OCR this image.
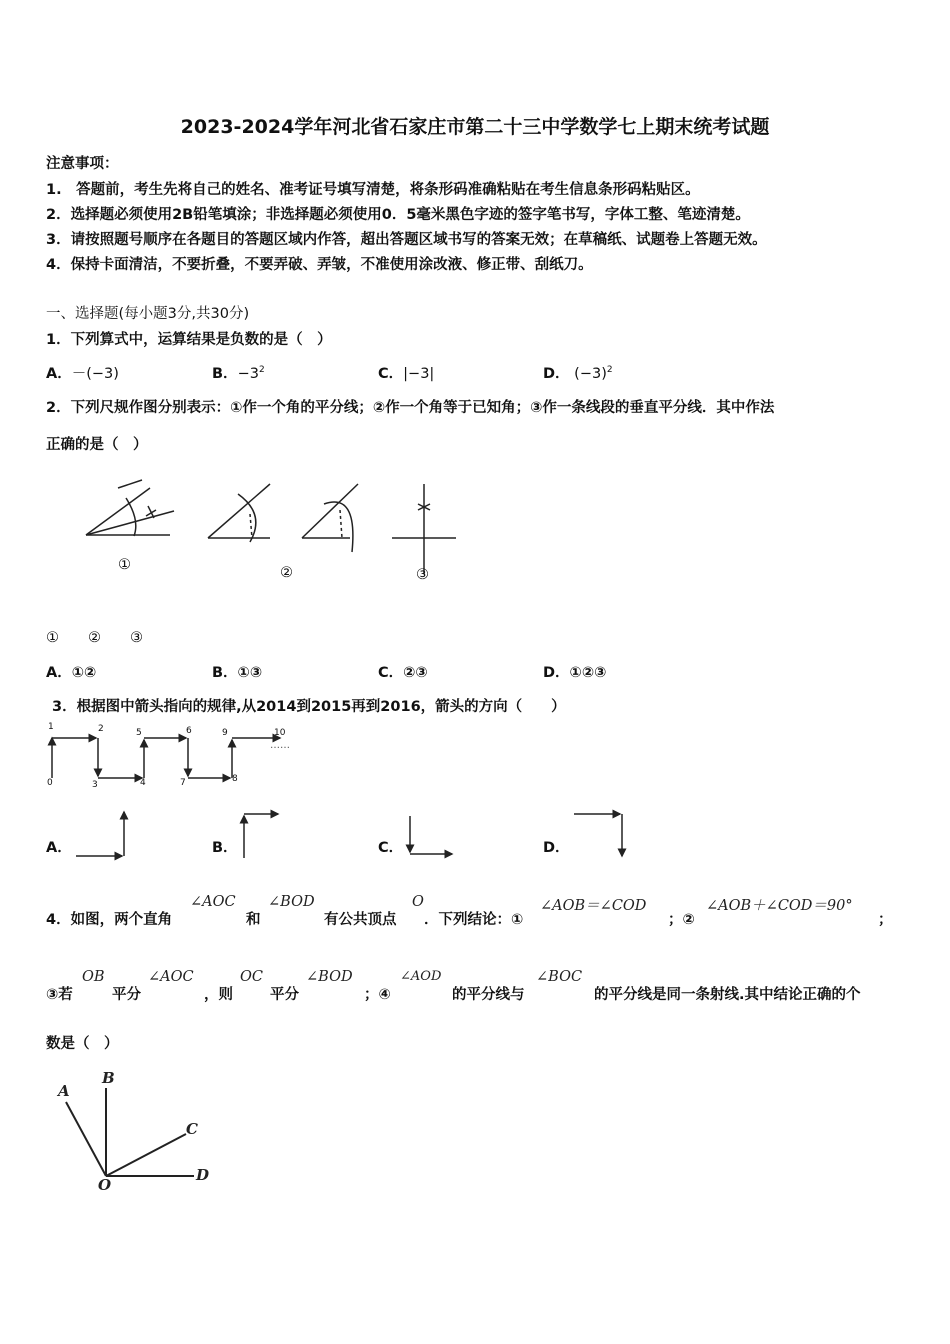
2023-2024学年河北省石家庄市第二十三中学数学七上期末统考试题
注意事项：
1.　答题前，考生先将自己的姓名、准考证号填写清楚，将条形码准确粘贴在考生信息条形码粘贴区。
2．选择题必须使用2B铅笔填涂；非选择题必须使用0．5毫米黑色字迹的签字笔书写，字体工整、笔迹清楚。
3．请按照题号顺序在各题目的答题区域内作答，超出答题区域书写的答案无效；在草稿纸、试题卷上答题无效。
4．保持卡面清洁，不要折叠，不要弄破、弄皱，不准使用涂改液、修正带、刮纸刀。
一、选择题(每小题3分,共30分)
1．下列算式中，运算结果是负数的是（　）
A．－(−3)	B．$-3^2$	C．|−3|	D． $(-3)^2$
2．下列尺规作图分别表示：①作一个角的平分线；②作一个角等于已知角；③作一条线段的垂直平分线．其中作法
正确的是（　）
①	②	③
①　　②　　③
A．①②	B．①③	C．②③	D．①②③
3．根据图中箭头指向的规律,从2014到2015再到2016，箭头的方向（　　）
1	2	5	6	9	10
0	3	4	7	8
……
A．	B．	C．	D．
4．如图，两个直角
∠AOC
和
∠BOD
有公共顶点
O
．下列结论：①
∠AOB＝∠COD
；②
∠AOB＋∠COD＝90°
；
③若
OB
平分
∠AOC
，则
OC
平分
∠BOD
；④
∠AOD
的平分线与
∠BOC
的平分线是同一条射线.其中结论正确的个
数是（　）
A
B
C
O
D
